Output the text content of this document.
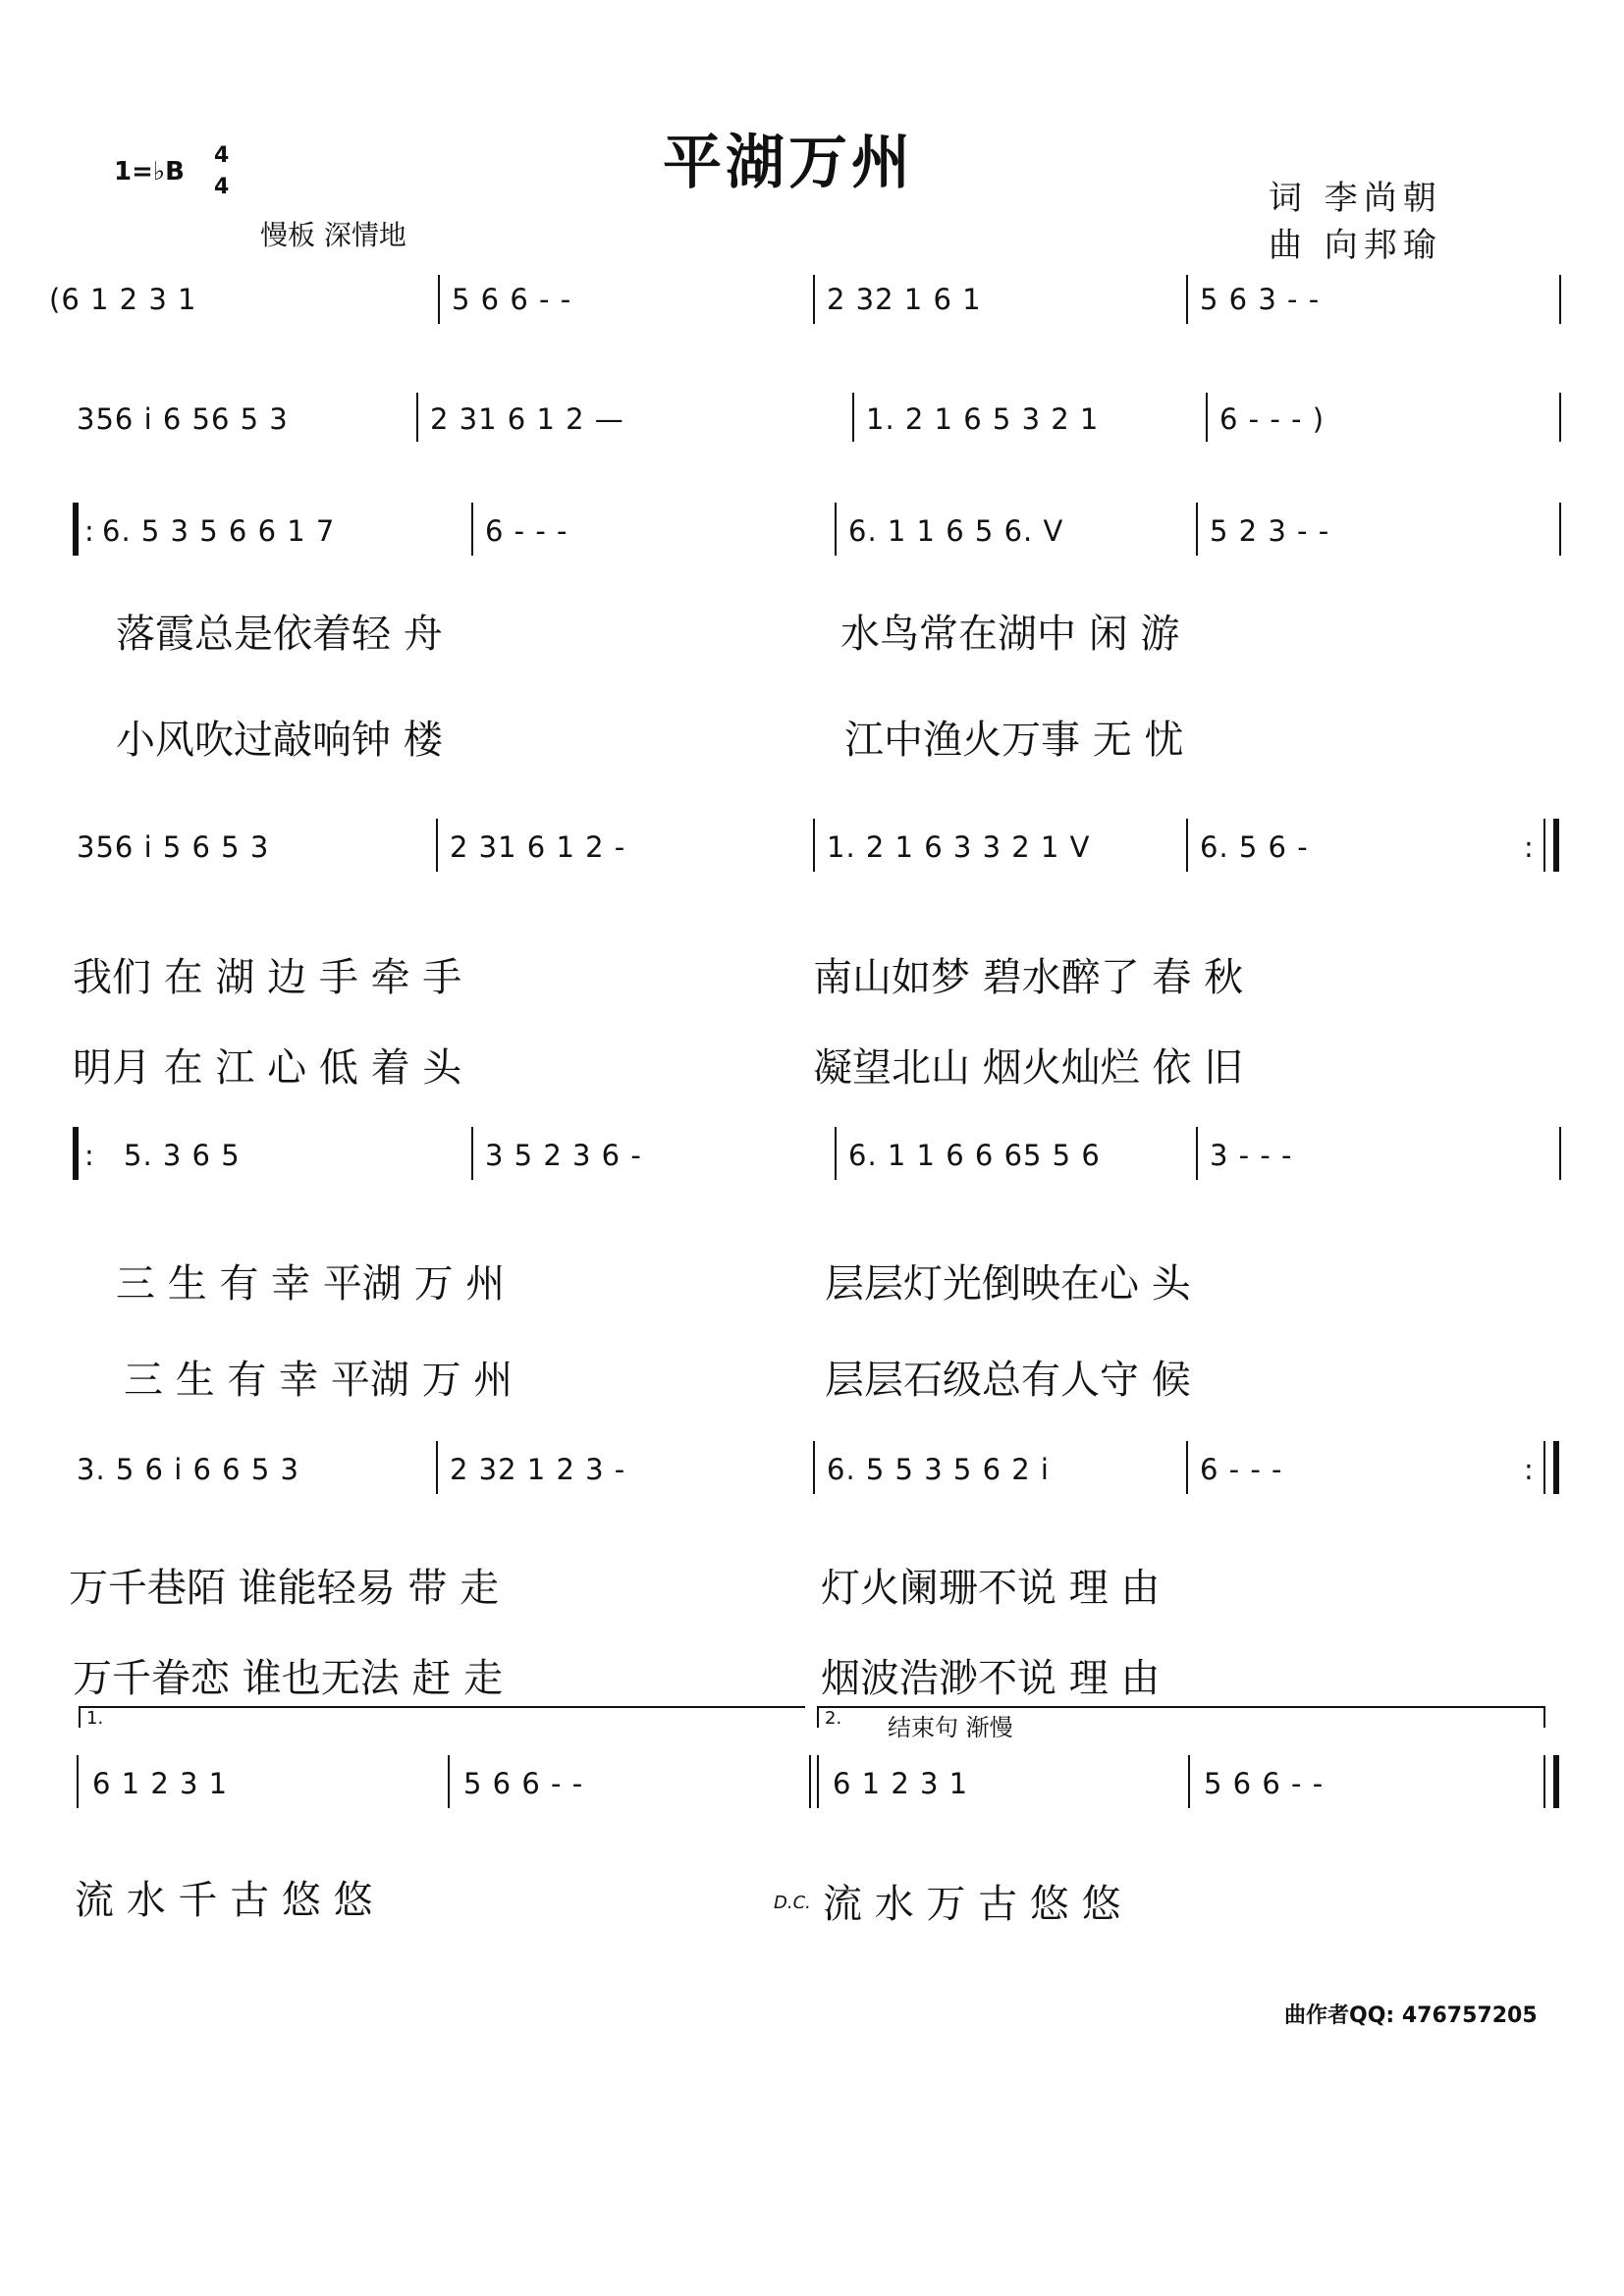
平湖万州
1=♭B
4
4
慢板 深情地
词 李尚朝
曲 向邦瑜
(6 1 2 3 1	5 6 6 - -	2 32 1 6 1	5 6 3 - -
356 i 6 56 5 3	2 31 6 1 2 —	1. 2 1 6 5 3 2 1	6 - - - )
: 6. 5 3 5 6 6 1 7	6 - - -	6. 1 1 6 5 6. V	5 2 3 - -
落霞总是依着轻 舟	水鸟常在湖中 闲 游
小风吹过敲响钟 楼	江中渔火万事 无 忧
356 i 5 6 5 3	2 31 6 1 2 -	1. 2 1 6 3 3 2 1 V	6. 5 6 -	:
我们 在 湖 边 手 牵 手	南山如梦 碧水醉了 春 秋
明月 在 江 心 低 着 头	凝望北山 烟火灿烂 依 旧
: 5. 3 6 5	3 5 2 3 6 -	6. 1 1 6 6 65 5 6	3 - - -
三 生 有 幸 平湖 万 州	层层灯光倒映在心 头
三 生 有 幸 平湖 万 州	层层石级总有人守 候
3. 5 6 i 6 6 5 3	2 32 1 2 3 -	6. 5 5 3 5 6 2 i	6 - - -	:
万千巷陌 谁能轻易 带 走	灯火阑珊不说 理 由
万千眷恋 谁也无法 赶 走	烟波浩渺不说 理 由
1.	2. 结束句 渐慢
6 1 2 3 1	5 6 6 - -	6 1 2 3 1	5 6 6 - -
流 水 千 古 悠 悠	D.C. 流 水 万 古 悠 悠
曲作者QQ: 476757205
